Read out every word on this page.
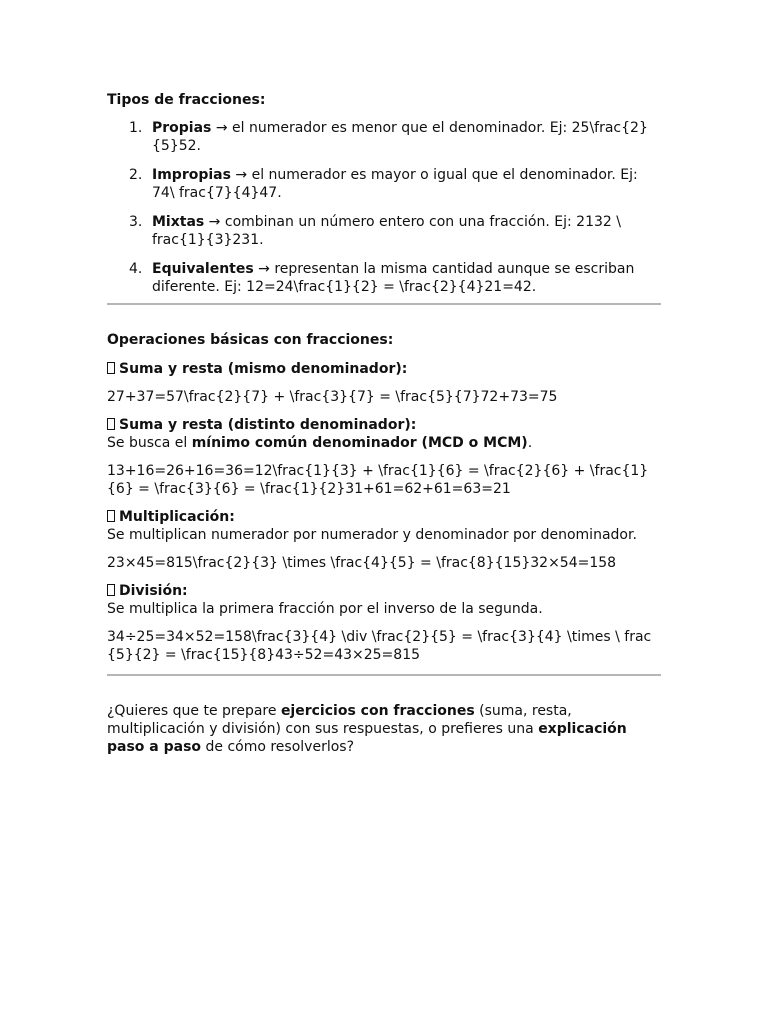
Tipos de fracciones:

1. Propias → el numerador es menor que el denominador. Ej: 25\frac{2}{5}52.
2. Impropias → el numerador es mayor o igual que el denominador. Ej: 74\ frac{7}{4}47.
3. Mixtas → combinan un número entero con una fracción. Ej: 2132 \ frac{1}{3}231.
4. Equivalentes → representan la misma cantidad aunque se escriban diferente. Ej: 12=24\frac{1}{2} = \frac{2}{4}21=42.

Operaciones básicas con fracciones:

Suma y resta (mismo denominador):

27+37=57\frac{2}{7} + \frac{3}{7} = \frac{5}{7}72+73=75

Suma y resta (distinto denominador):

Se busca el mínimo común denominador (MCD o MCM).

13+16=26+16=36=12\frac{1}{3} + \frac{1}{6} = \frac{2}{6} + \frac{1}{6} = \frac{3}{6} = \frac{1}{2}31+61=62+61=63=21

Multiplicación:

Se multiplican numerador por numerador y denominador por denominador.

23×45=815\frac{2}{3} \times \frac{4}{5} = \frac{8}{15}32×54=158

División:

Se multiplica la primera fracción por el inverso de la segunda.

34÷25=34×52=158\frac{3}{4} \div \frac{2}{5} = \frac{3}{4} \times \ frac{5}{2} = \frac{15}{8}43÷52=43×25=815

¿Quieres que te prepare ejercicios con fracciones (suma, resta, multiplicación y división) con sus respuestas, o prefieres una explicación paso a paso de cómo resolverlos?
